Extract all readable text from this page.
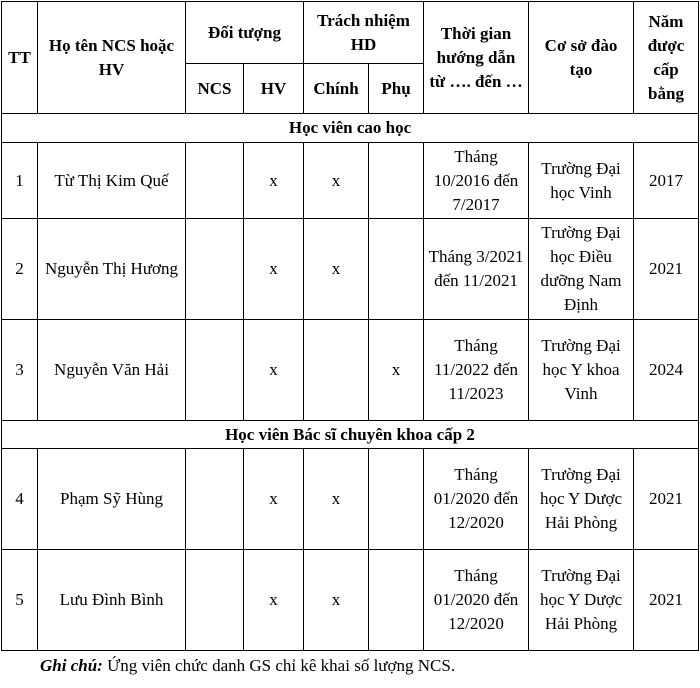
TT	Họ tên NCS hoặc HV	Đối tượng		Trách nhiệm HD		Thời gian hướng dẫn từ …. đến …	Cơ sở đào tạo	Năm được cấp bằng
		NCS	HV	Chính	Phụ			
Học viên cao học								
1	Từ Thị Kim Quế		x	x		Tháng 10/2016 đến 7/2017	Trường Đại học Vinh	2017
2	Nguyễn Thị Hương		x	x		Tháng 3/2021 đến 11/2021	Trường Đại học Điều dưỡng Nam Định	2021
3	Nguyễn Văn Hải		x		x	Tháng 11/2022 đến 11/2023	Trường Đại học Y khoa Vinh	2024
Học viên Bác sĩ chuyên khoa cấp 2								
4	Phạm Sỹ Hùng		x	x		Tháng 01/2020 đến 12/2020	Trường Đại học Y Dược Hải Phòng	2021
5	Lưu Đình Bình		x	x		Tháng 01/2020 đến 12/2020	Trường Đại học Y Dược Hải Phòng	2021
Ghi chú: Ứng viên chức danh GS chỉ kê khai số lượng NCS.
